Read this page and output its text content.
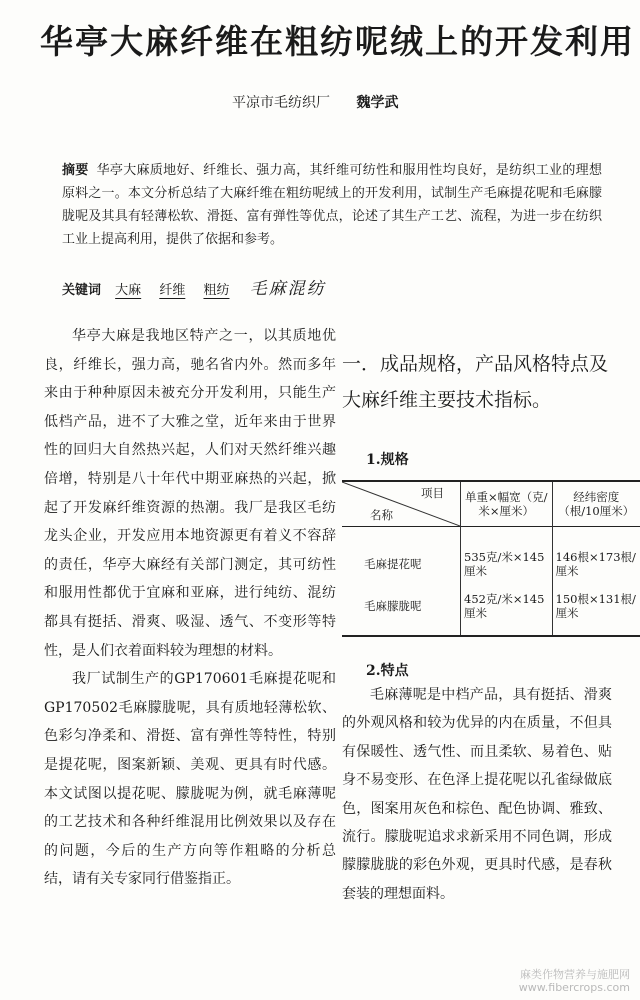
华亭大麻纤维在粗纺呢绒上的开发利用
平凉市毛纺织厂 魏学武
摘要 华亭大麻质地好、纤维长、强力高，其纤维可纺性和服用性均良好，是纺织工业的理想原料之一。本文分析总结了大麻纤维在粗纺呢绒上的开发利用，试制生产毛麻提花呢和毛麻朦胧呢及其具有轻薄松软、滑挺、富有弹性等优点，论述了其生产工艺、流程，为进一步在纺织工业上提高利用，提供了依据和参考。
关键词 大麻 纤维 粗纺 毛麻混纺

华亭大麻是我地区特产之一，以其质地优良，纤维长，强力高，驰名省内外。然而多年来由于种种原因未被充分开发利用，只能生产低档产品，进不了大雅之堂，近年来由于世界性的回归大自然热兴起，人们对天然纤维兴趣倍增，特别是八十年代中期亚麻热的兴起，掀起了开发麻纤维资源的热潮。我厂是我区毛纺龙头企业，开发应用本地资源更有着义不容辞的责任，华亭大麻经有关部门测定，其可纺性和服用性都优于宜麻和亚麻，进行纯纺、混纺都具有挺括、滑爽、吸湿、透气、不变形等特性，是人们衣着面料较为理想的材料。

我厂试制生产的GP170601毛麻提花呢和GP170502毛麻朦胧呢，具有质地轻薄松软、色彩匀净柔和、滑挺、富有弹性等特性，特别是提花呢，图案新颖、美观、更具有时代感。本文试图以提花呢、朦胧呢为例，就毛麻薄呢的工艺技术和各种纤维混用比例效果以及存在的问题，今后的生产方向等作粗略的分析总结，请有关专家同行借鉴指正。

一．成品规格，产品风格特点及大麻纤维主要技术指标。
1.规格
项目
名称	单重×幅宽（克/米×厘米）	经纬密度（根/10厘米）
毛麻提花呢	535克/米×145厘米	146根×173根/厘米
毛麻朦胧呢	452克/米×145厘米	150根×131根/厘米
2.特点

毛麻薄呢是中档产品，具有挺括、滑爽的外观风格和较为优异的内在质量，不但具有保暖性、透气性、而且柔软、易着色、贴身不易变形、在色泽上提花呢以孔雀绿做底色，图案用灰色和棕色、配色协调、雅致、流行。朦胧呢追求求新采用不同色调，形成朦朦胧胧的彩色外观，更具时代感，是春秋套装的理想面料。

麻类作物营养与施肥网
www.fibercrops.com
